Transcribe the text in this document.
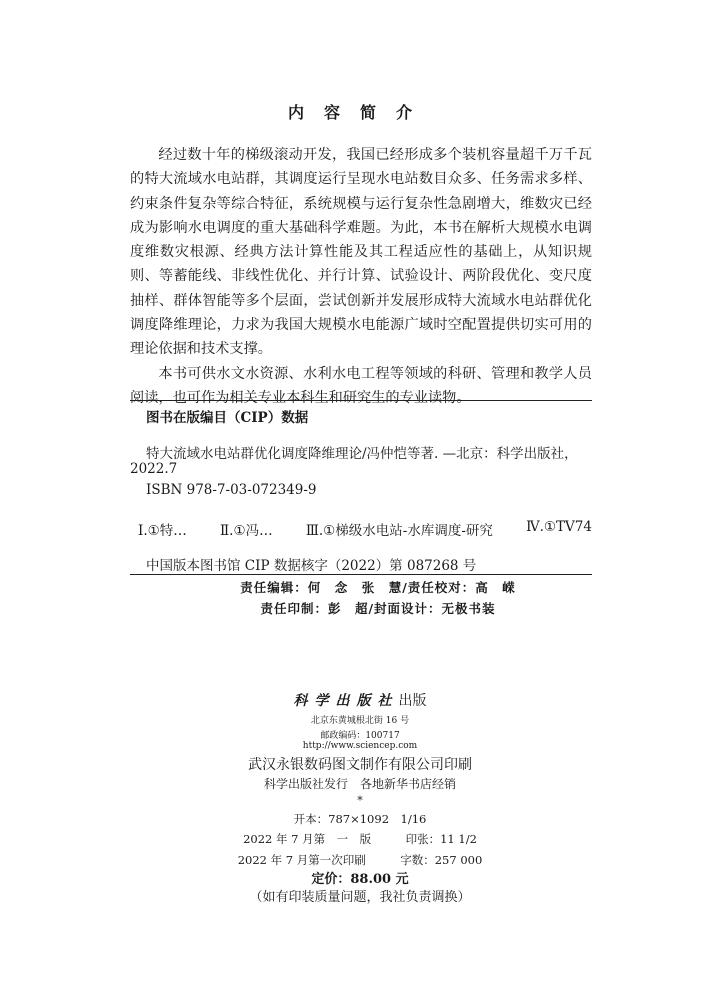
内容简介

经过数十年的梯级滚动开发，我国已经形成多个装机容量超千万千瓦的特大流域水电站群，其调度运行呈现水电站数目众多、任务需求多样、约束条件复杂等综合特征，系统规模与运行复杂性急剧增大，维数灾已经成为影响水电调度的重大基础科学难题。为此，本书在解析大规模水电调度维数灾根源、经典方法计算性能及其工程适应性的基础上，从知识规则、等蓄能线、非线性优化、并行计算、试验设计、两阶段优化、变尺度抽样、群体智能等多个层面，尝试创新并发展形成特大流域水电站群优化调度降维理论，力求为我国大规模水电能源广域时空配置提供切实可用的理论依据和技术支撑。

本书可供水文水资源、水利水电工程等领域的科研、管理和教学人员阅读，也可作为相关专业本科生和研究生的专业读物。

图书在版编目（CIP）数据
特大流域水电站群优化调度降维理论/冯仲恺等著. —北京：科学出版社，
2022.7
ISBN 978-7-03-072349-9
Ⅰ.①特… Ⅱ.①冯… Ⅲ.①梯级水电站-水库调度-研究 Ⅳ.①TV74
中国版本图书馆 CIP 数据核字（2022）第 087268 号
责任编辑：何　念　张　慧/责任校对：高　嵘
责任印制：彭　超/封面设计：无极书装
科学出版社出版
北京东黄城根北街 16 号
邮政编码：100717
http://www.sciencep.com
武汉永银数码图文制作有限公司印刷
科学出版社发行　各地新华书店经销
*
开本：787×1092　1/16
2022 年 7 月第　一　版　　　印张：11 1/2
2022 年 7 月第一次印刷　　　字数：257 000
定价：88.00 元
（如有印装质量问题，我社负责调换）
